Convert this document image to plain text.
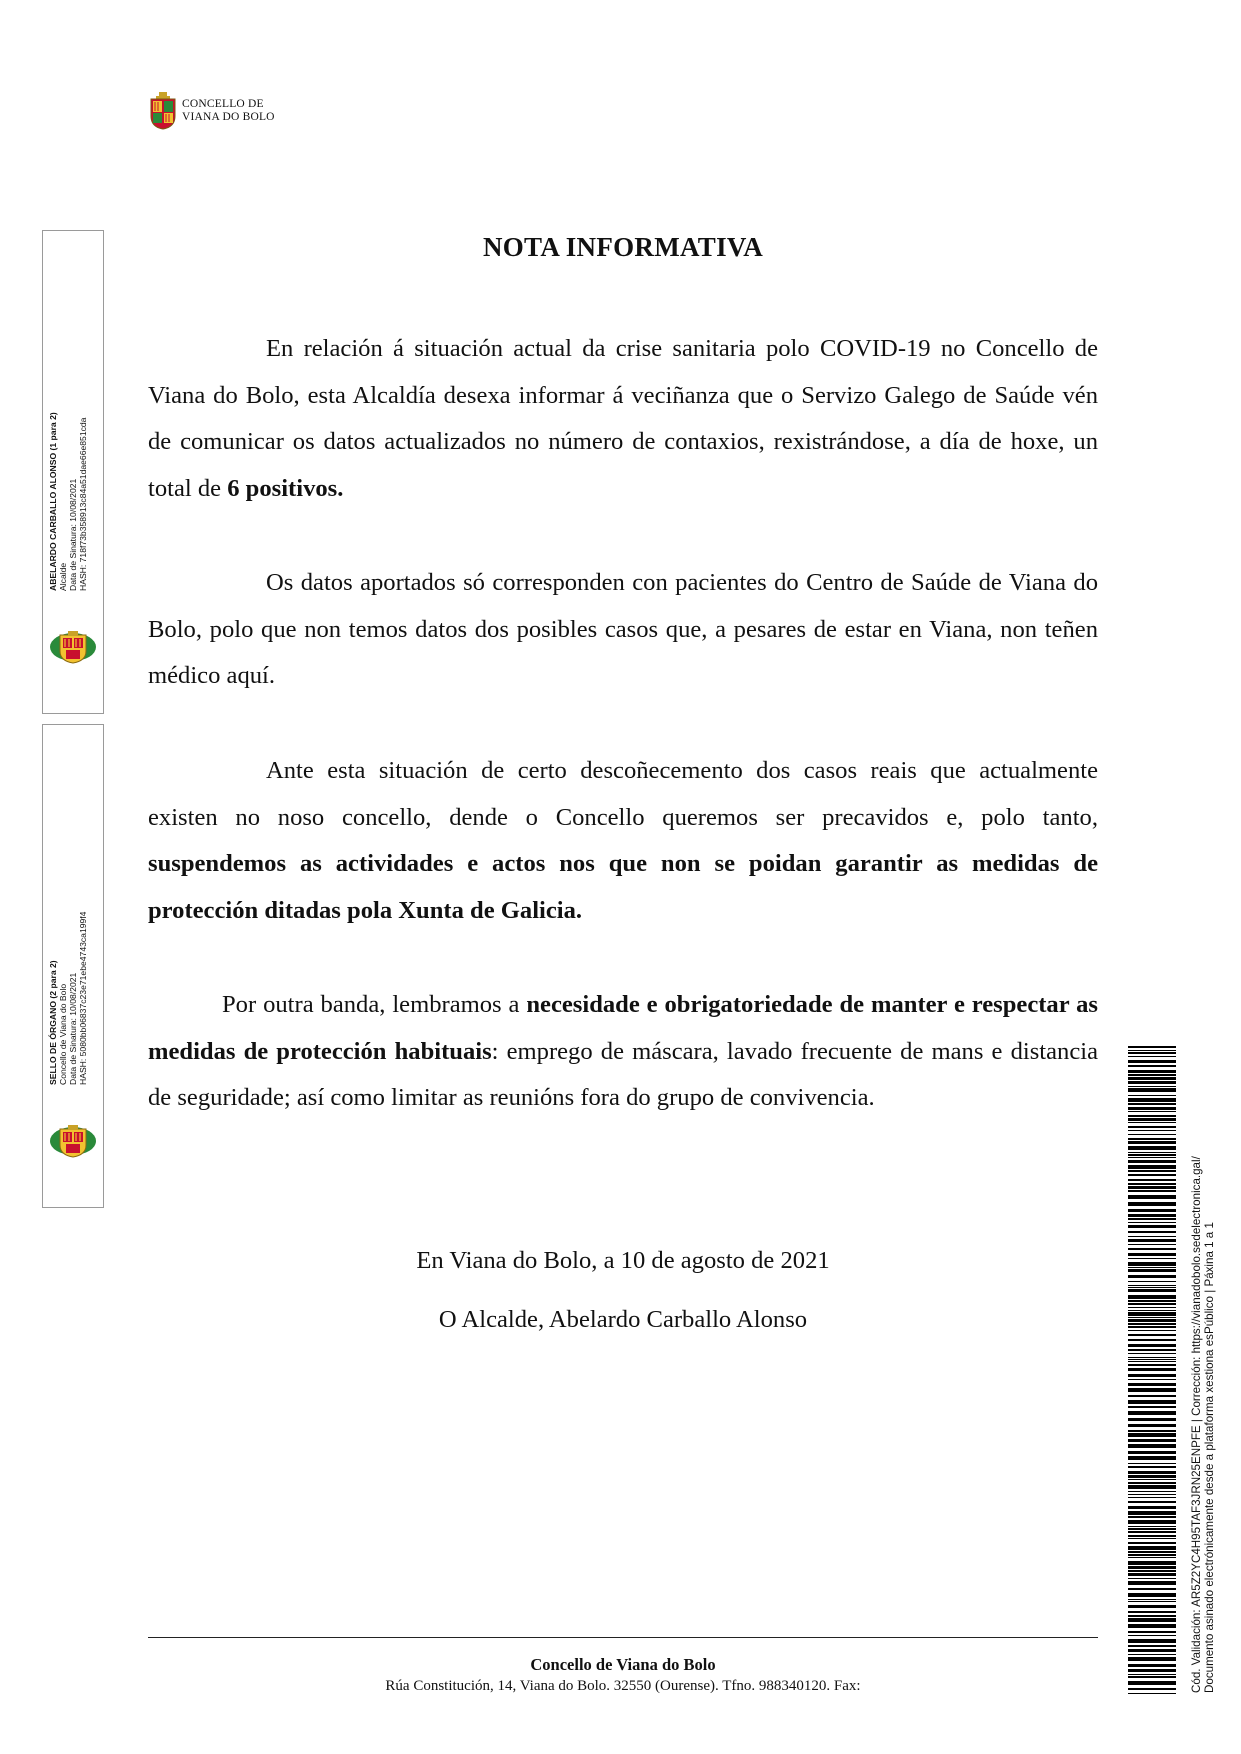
CONCELLO DE
VIANA DO BOLO
ABELARDO CARBALLO ALONSO (1 para 2) Alcalde Data de Sinatura: 10/08/2021 HASH: 718f73b358913c84a51dae66e851cda
SELLO DE ÓRGANO (2 para 2) Concello de Viana do Bolo Data de Sinatura: 10/08/2021 HASH: 5080bb06837c23e71ebe4743ca199f4
NOTA INFORMATIVA
En relación á situación actual da crise sanitaria polo COVID-19 no Concello de Viana do Bolo, esta Alcaldía desexa informar á veciñanza que o Servizo Galego de Saúde vén de comunicar os datos actualizados no número de contaxios, rexistrándose, a día de hoxe, un total de 6 positivos.
Os datos aportados só corresponden con pacientes do Centro de Saúde de Viana do Bolo, polo que non temos datos dos posibles casos que, a pesares de estar en Viana, non teñen médico aquí.
Ante esta situación de certo descoñecemento dos casos reais que actualmente existen no noso concello, dende o Concello queremos ser precavidos e, polo tanto, suspendemos as actividades e actos nos que non se poidan garantir as medidas de protección ditadas pola Xunta de Galicia.
Por outra banda, lembramos a necesidade e obrigatoriedade de manter e respectar as medidas de protección habituais: emprego de máscara, lavado frecuente de mans e distancia de seguridade; así como limitar as reunións fora do grupo de convivencia.
En Viana do Bolo, a 10 de agosto de 2021
O Alcalde, Abelardo Carballo Alonso
Concello de Viana do Bolo
Rúa Constitución, 14, Viana do Bolo. 32550 (Ourense). Tfno. 988340120. Fax:	Cód. Validación: AR5Z2YC4H95TAF3JRN25ENPFE | Corrección: https://vianadobolo.sedelectronica.gal/ Documento asinado electrónicamente desde a plataforma xestiona esPúblico | Páxina 1 a 1
